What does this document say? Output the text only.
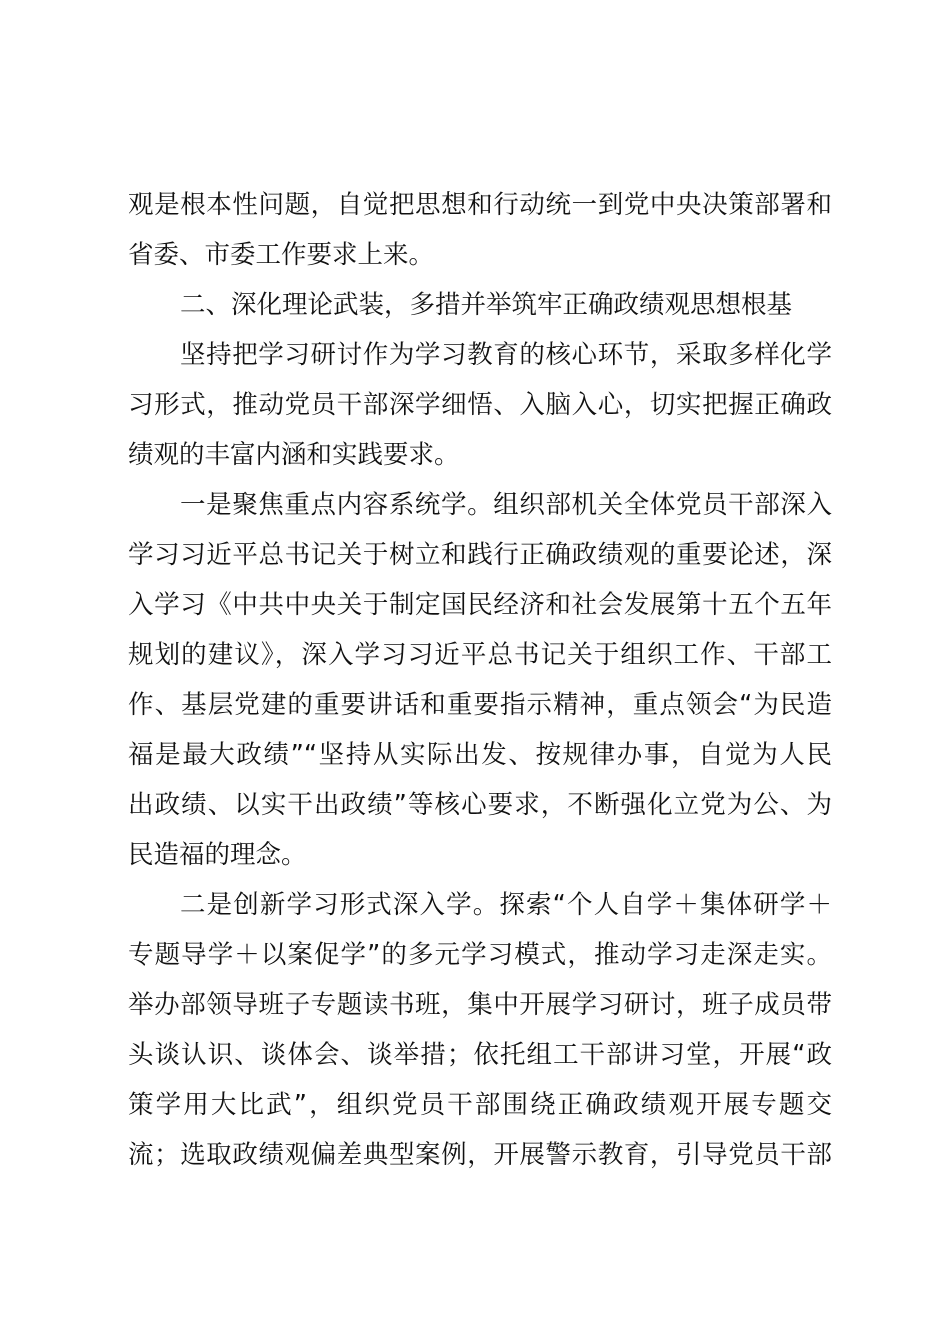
观是根本性问题，自觉把思想和行动统一到党中央决策部署和
省委、市委工作要求上来。
二、深化理论武装，多措并举筑牢正确政绩观思想根基
坚持把学习研讨作为学习教育的核心环节，采取多样化学
习形式，推动党员干部深学细悟、入脑入心，切实把握正确政
绩观的丰富内涵和实践要求。
一是聚焦重点内容系统学。组织部机关全体党员干部深入
学习习近平总书记关于树立和践行正确政绩观的重要论述，深
入学习《中共中央关于制定国民经济和社会发展第十五个五年
规划的建议》，深入学习习近平总书记关于组织工作、干部工
作、基层党建的重要讲话和重要指示精神，重点领会“为民造
福是最大政绩”“坚持从实际出发、按规律办事，自觉为人民
出政绩、以实干出政绩”等核心要求，不断强化立党为公、为
民造福的理念。
二是创新学习形式深入学。探索“个人自学＋集体研学＋
专题导学＋以案促学”的多元学习模式，推动学习走深走实。
举办部领导班子专题读书班，集中开展学习研讨，班子成员带
头谈认识、谈体会、谈举措；依托组工干部讲习堂，开展“政
策学用大比武”，组织党员干部围绕正确政绩观开展专题交
流；选取政绩观偏差典型案例，开展警示教育，引导党员干部
